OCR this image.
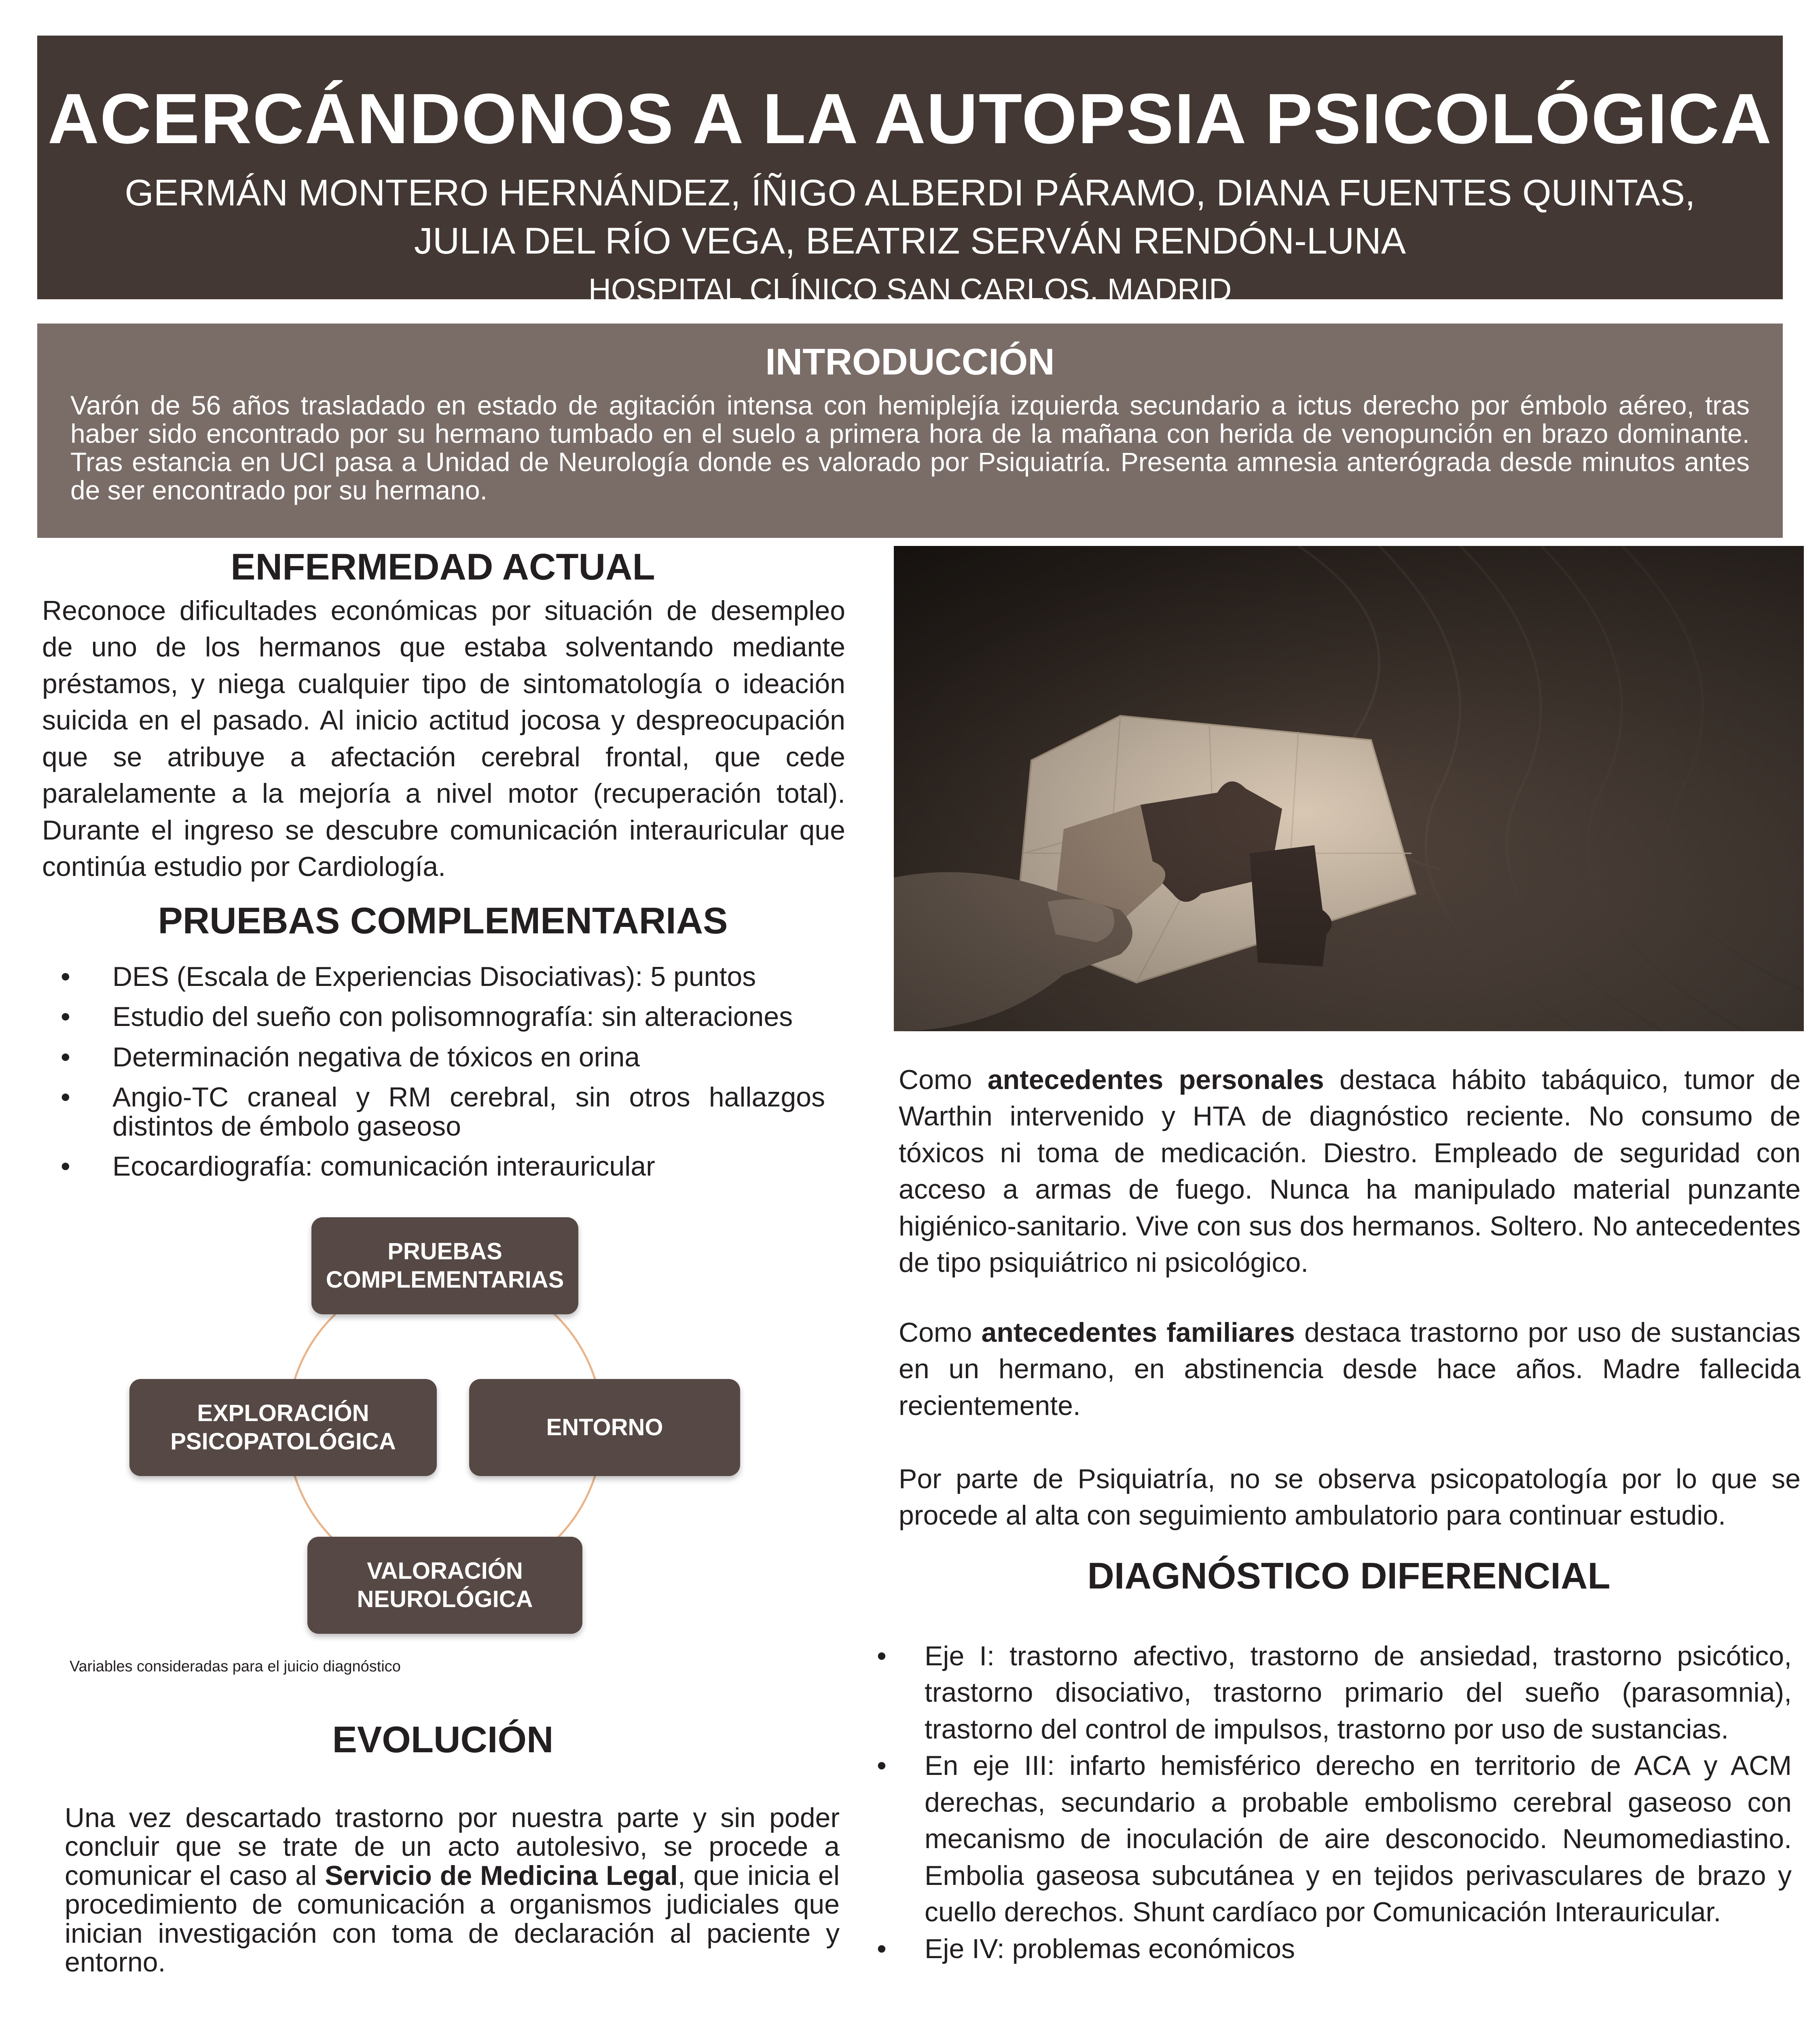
ACERCÁNDONOS A LA AUTOPSIA PSICOLÓGICA
GERMÁN MONTERO HERNÁNDEZ, ÍÑIGO ALBERDI PÁRAMO, DIANA FUENTES QUINTAS,
JULIA DEL RÍO VEGA, BEATRIZ SERVÁN RENDÓN-LUNA
HOSPITAL CLÍNICO SAN CARLOS, MADRID
INTRODUCCIÓN

Varón de 56 años trasladado en estado de agitación intensa con hemiplejía izquierda secundario a ictus derecho por émbolo aéreo, tras haber sido encontrado por su hermano tumbado en el suelo a primera hora de la mañana con herida de venopunción en brazo dominante. Tras estancia en UCI pasa a Unidad de Neurología donde es valorado por Psiquiatría. Presenta amnesia anterógrada desde minutos antes de ser encontrado por su hermano.

ENFERMEDAD ACTUAL
Reconoce dificultades económicas por situación de desempleo de uno de los hermanos que estaba solventando mediante préstamos, y niega cualquier tipo de sintomatología o ideación suicida en el pasado. Al inicio actitud jocosa y despreocupación que se atribuye a afectación cerebral frontal, que cede paralelamente a la mejoría a nivel motor (recuperación total). Durante el ingreso se descubre comunicación interauricular que continúa estudio por Cardiología.
PRUEBAS COMPLEMENTARIAS
• DES (Escala de Experiencias Disociativas): 5 puntos
• Estudio del sueño con polisomnografía: sin alteraciones
• Determinación negativa de tóxicos en orina
• Angio-TC craneal y RM cerebral, sin otros hallazgos distintos de émbolo gaseoso
• Ecocardiografía: comunicación interauricular
PRUEBAS COMPLEMENTARIAS
EXPLORACIÓN PSICOPATOLÓGICA
ENTORNO
VALORACIÓN NEUROLÓGICA
Variables consideradas para el juicio diagnóstico
EVOLUCIÓN
Una vez descartado trastorno por nuestra parte y sin poder concluir que se trate de un acto autolesivo, se procede a comunicar el caso al Servicio de Medicina Legal, que inicia el procedimiento de comunicación a organismos judiciales que inician investigación con toma de declaración al paciente y entorno.
Como antecedentes personales destaca hábito tabáquico, tumor de Warthin intervenido y HTA de diagnóstico reciente. No consumo de tóxicos ni toma de medicación. Diestro. Empleado de seguridad con acceso a armas de fuego. Nunca ha manipulado material punzante higiénico-sanitario. Vive con sus dos hermanos. Soltero. No antecedentes de tipo psiquiátrico ni psicológico.
Como antecedentes familiares destaca trastorno por uso de sustancias en un hermano, en abstinencia desde hace años. Madre fallecida recientemente.
Por parte de Psiquiatría, no se observa psicopatología por lo que se procede al alta con seguimiento ambulatorio para continuar estudio.
DIAGNÓSTICO DIFERENCIAL
• Eje I: trastorno afectivo, trastorno de ansiedad, trastorno psicótico, trastorno disociativo, trastorno primario del sueño (parasomnia), trastorno del control de impulsos, trastorno por uso de sustancias.
• En eje III: infarto hemisférico derecho en territorio de ACA y ACM derechas, secundario a probable embolismo cerebral gaseoso con mecanismo de inoculación de aire desconocido. Neumomediastino. Embolia gaseosa subcutánea y en tejidos perivasculares de brazo y cuello derechos. Shunt cardíaco por Comunicación Interauricular.
• Eje IV: problemas económicos
